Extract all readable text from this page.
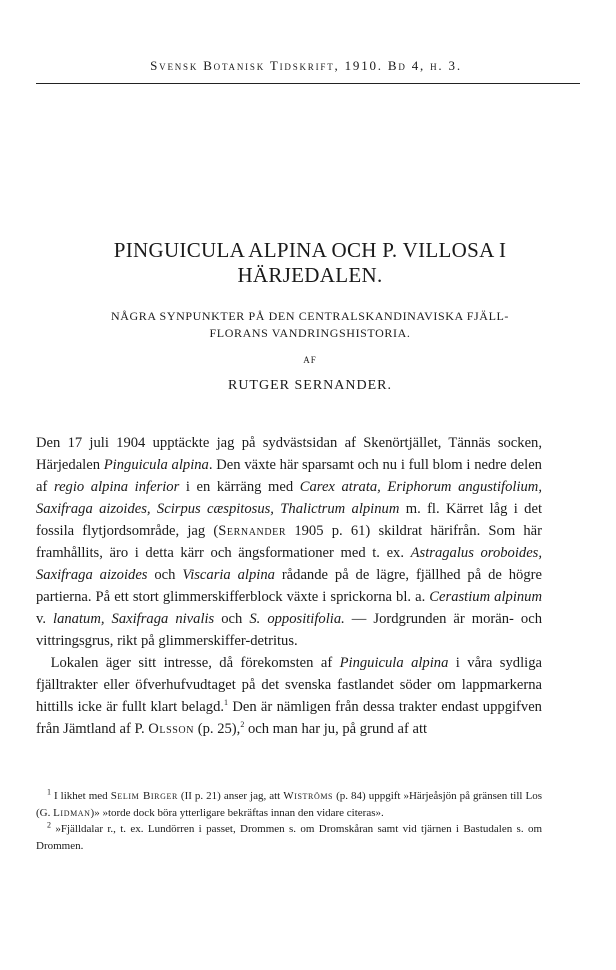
Svensk Botanisk Tidskrift, 1910. Bd 4, h. 3.
PINGUICULA ALPINA OCH P. VILLOSA I
HÄRJEDALEN.
NÅGRA SYNPUNKTER PÅ DEN CENTRALSKANDINAVISKA FJÄLL-
FLORANS VANDRINGSHISTORIA.
AF
RUTGER SERNANDER.

Den 17 juli 1904 upptäckte jag på sydvästsidan af Skenörtjället, Tännäs socken, Härjedalen Pinguicula alpina. Den växte här sparsamt och nu i full blom i nedre delen af regio alpina inferior i en kärräng med Carex atrata, Eriphorum angustifolium, Saxifraga aizoides, Scirpus cæspitosus, Thalictrum alpinum m. fl. Kärret låg i det fossila flytjordsområde, jag (Sernander 1905 p. 61) skildrat härifrån. Som här framhållits, äro i detta kärr och ängsformationer med t. ex. Astragalus oroboides, Saxifraga aizoides och Viscaria alpina rådande på de lägre, fjällhed på de högre partierna. På ett stort glimmerskifferblock växte i sprickorna bl. a. Cerastium alpinum v. lanatum, Saxifraga nivalis och S. oppositifolia. — Jordgrunden är morän- och vittringsgrus, rikt på glimmerskiffer-detritus.

 Lokalen äger sitt intresse, då förekomsten af Pinguicula alpina i våra sydliga fjälltrakter eller öfverhufvudtaget på det svenska fastlandet söder om lappmarkerna hittills icke är fullt klart belagd.$^1$ Den är nämligen från dessa trakter endast uppgifven från Jämtland af P. Olsson (p. 25),$^2$ och man har ju, på grund af att

 $^1$ I likhet med Selim Birger (II p. 21) anser jag, att Wiströms (p. 84) uppgift »Härjeåsjön på gränsen till Los (G. Lidman)» »torde dock böra ytterligare bekräftas innan den vidare citeras».

 $^2$ »Fjälldalar r., t. ex. Lundörren i passet, Drommen s. om Dromskåran samt vid tjärnen i Bastudalen s. om Drommen.
